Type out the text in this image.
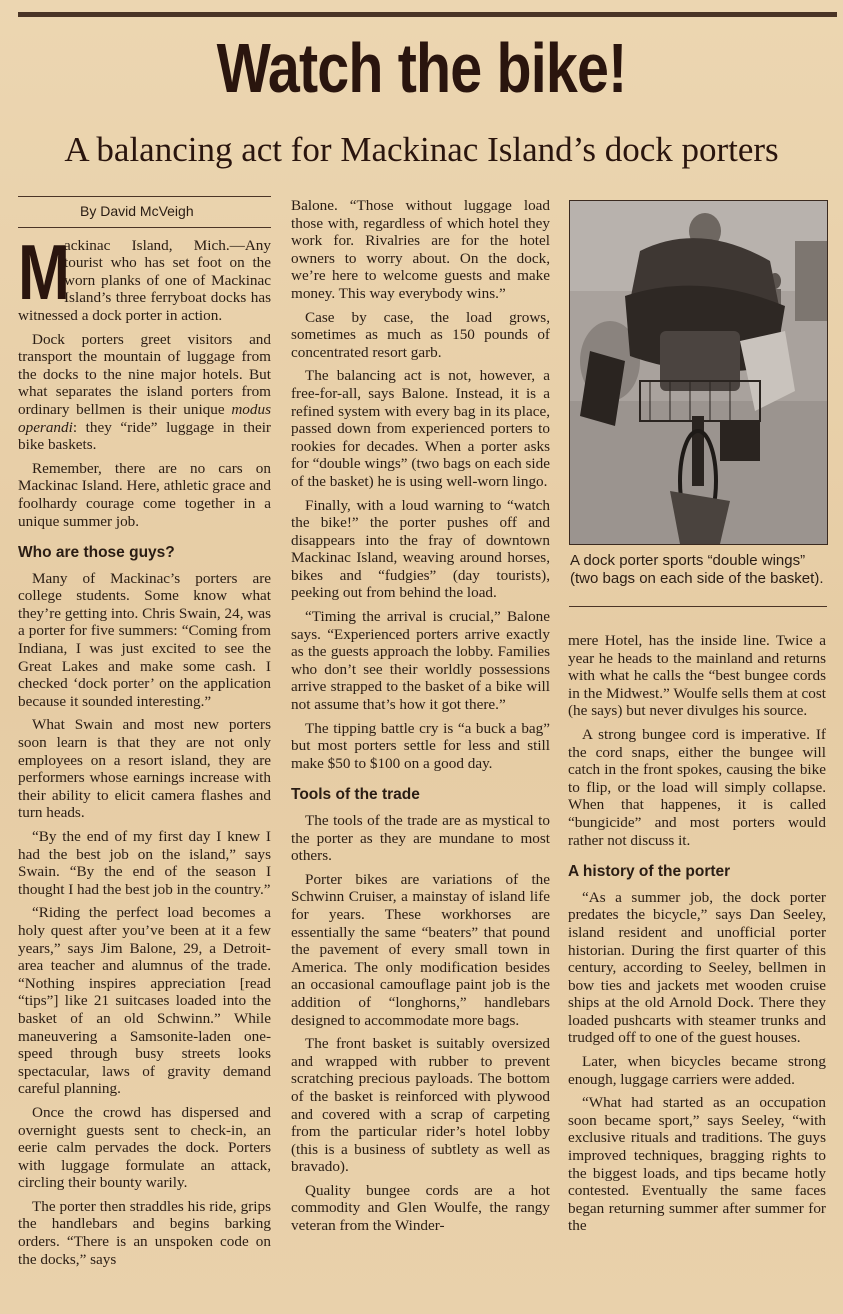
Watch the bike!
A balancing act for Mackinac Island’s dock porters
By David McVeigh

M
ackinac Island, Mich.—Any tourist who has set foot on the worn planks of one of Mackinac Island’s three ferryboat docks has witnessed a dock porter in action.

Dock porters greet visitors and transport the mountain of luggage from the docks to the nine major hotels. But what separates the island porters from ordinary bellmen is their unique modus operandi: they “ride” luggage in their bike baskets.

Remember, there are no cars on Mackinac Island. Here, athletic grace and foolhardy courage come together in a unique summer job.

Who are those guys?

Many of Mackinac’s porters are college students. Some know what they’re getting into. Chris Swain, 24, was a porter for five summers: “Coming from Indiana, I was just excited to see the Great Lakes and make some cash. I checked ‘dock porter’ on the application because it sounded interesting.”

What Swain and most new porters soon learn is that they are not only employees on a resort island, they are performers whose earnings increase with their ability to elicit camera flashes and turn heads.

“By the end of my first day I knew I had the best job on the island,” says Swain. “By the end of the season I thought I had the best job in the country.”

“Riding the perfect load becomes a holy quest after you’ve been at it a few years,” says Jim Balone, 29, a Detroit-area teacher and alumnus of the trade. “Nothing inspires appreciation [read “tips”] like 21 suitcases loaded into the basket of an old Schwinn.” While maneuvering a Samsonite-laden one-speed through busy streets looks spectacular, laws of gravity demand careful planning.

Once the crowd has dispersed and overnight guests sent to check-in, an eerie calm pervades the dock. Porters with luggage formulate an attack, circling their bounty warily.

The porter then straddles his ride, grips the handlebars and begins barking orders. “There is an unspoken code on the docks,” says

Balone. “Those without luggage load those with, regardless of which hotel they work for. Rivalries are for the hotel owners to worry about. On the dock, we’re here to welcome guests and make money. This way everybody wins.”

Case by case, the load grows, sometimes as much as 150 pounds of concentrated resort garb.

The balancing act is not, however, a free-for-all, says Balone. Instead, it is a refined system with every bag in its place, passed down from experienced porters to rookies for decades. When a porter asks for “double wings” (two bags on each side of the basket) he is using well-worn lingo.

Finally, with a loud warning to “watch the bike!” the porter pushes off and disappears into the fray of downtown Mackinac Island, weaving around horses, bikes and “fudgies” (day tourists), peeking out from behind the load.

“Timing the arrival is crucial,” Balone says. “Experienced porters arrive exactly as the guests approach the lobby. Families who don’t see their worldly possessions arrive strapped to the basket of a bike will not assume that’s how it got there.”

The tipping battle cry is “a buck a bag” but most porters settle for less and still make $50 to $100 on a good day.

Tools of the trade

The tools of the trade are as mystical to the porter as they are mundane to most others.

Porter bikes are variations of the Schwinn Cruiser, a mainstay of island life for years. These workhorses are essentially the same “beaters” that pound the pavement of every small town in America. The only modification besides an occasional camouflage paint job is the addition of “longhorns,” handlebars designed to accommodate more bags.

The front basket is suitably oversized and wrapped with rubber to prevent scratching precious payloads. The bottom of the basket is reinforced with plywood and covered with a scrap of carpeting from the particular rider’s hotel lobby (this is a business of subtlety as well as bravado).

Quality bungee cords are a hot commodity and Glen Woulfe, the rangy veteran from the Winder-

A dock porter sports “double wings” (two bags on each side of the basket).

mere Hotel, has the inside line. Twice a year he heads to the mainland and returns with what he calls the “best bungee cords in the Midwest.” Woulfe sells them at cost (he says) but never divulges his source.

A strong bungee cord is imperative. If the cord snaps, either the bungee will catch in the front spokes, causing the bike to flip, or the load will simply collapse. When that happenes, it is called “bungicide” and most porters would rather not discuss it.

A history of the porter

“As a summer job, the dock porter predates the bicycle,” says Dan Seeley, island resident and unofficial porter historian. During the first quarter of this century, according to Seeley, bellmen in bow ties and jackets met wooden cruise ships at the old Arnold Dock. There they loaded pushcarts with steamer trunks and trudged off to one of the guest houses.

Later, when bicycles became strong enough, luggage carriers were added.

“What had started as an occupation soon became sport,” says Seeley, “with exclusive rituals and traditions. The guys improved techniques, bragging rights to the biggest loads, and tips became hotly contested. Eventually the same faces began returning summer after summer for the
